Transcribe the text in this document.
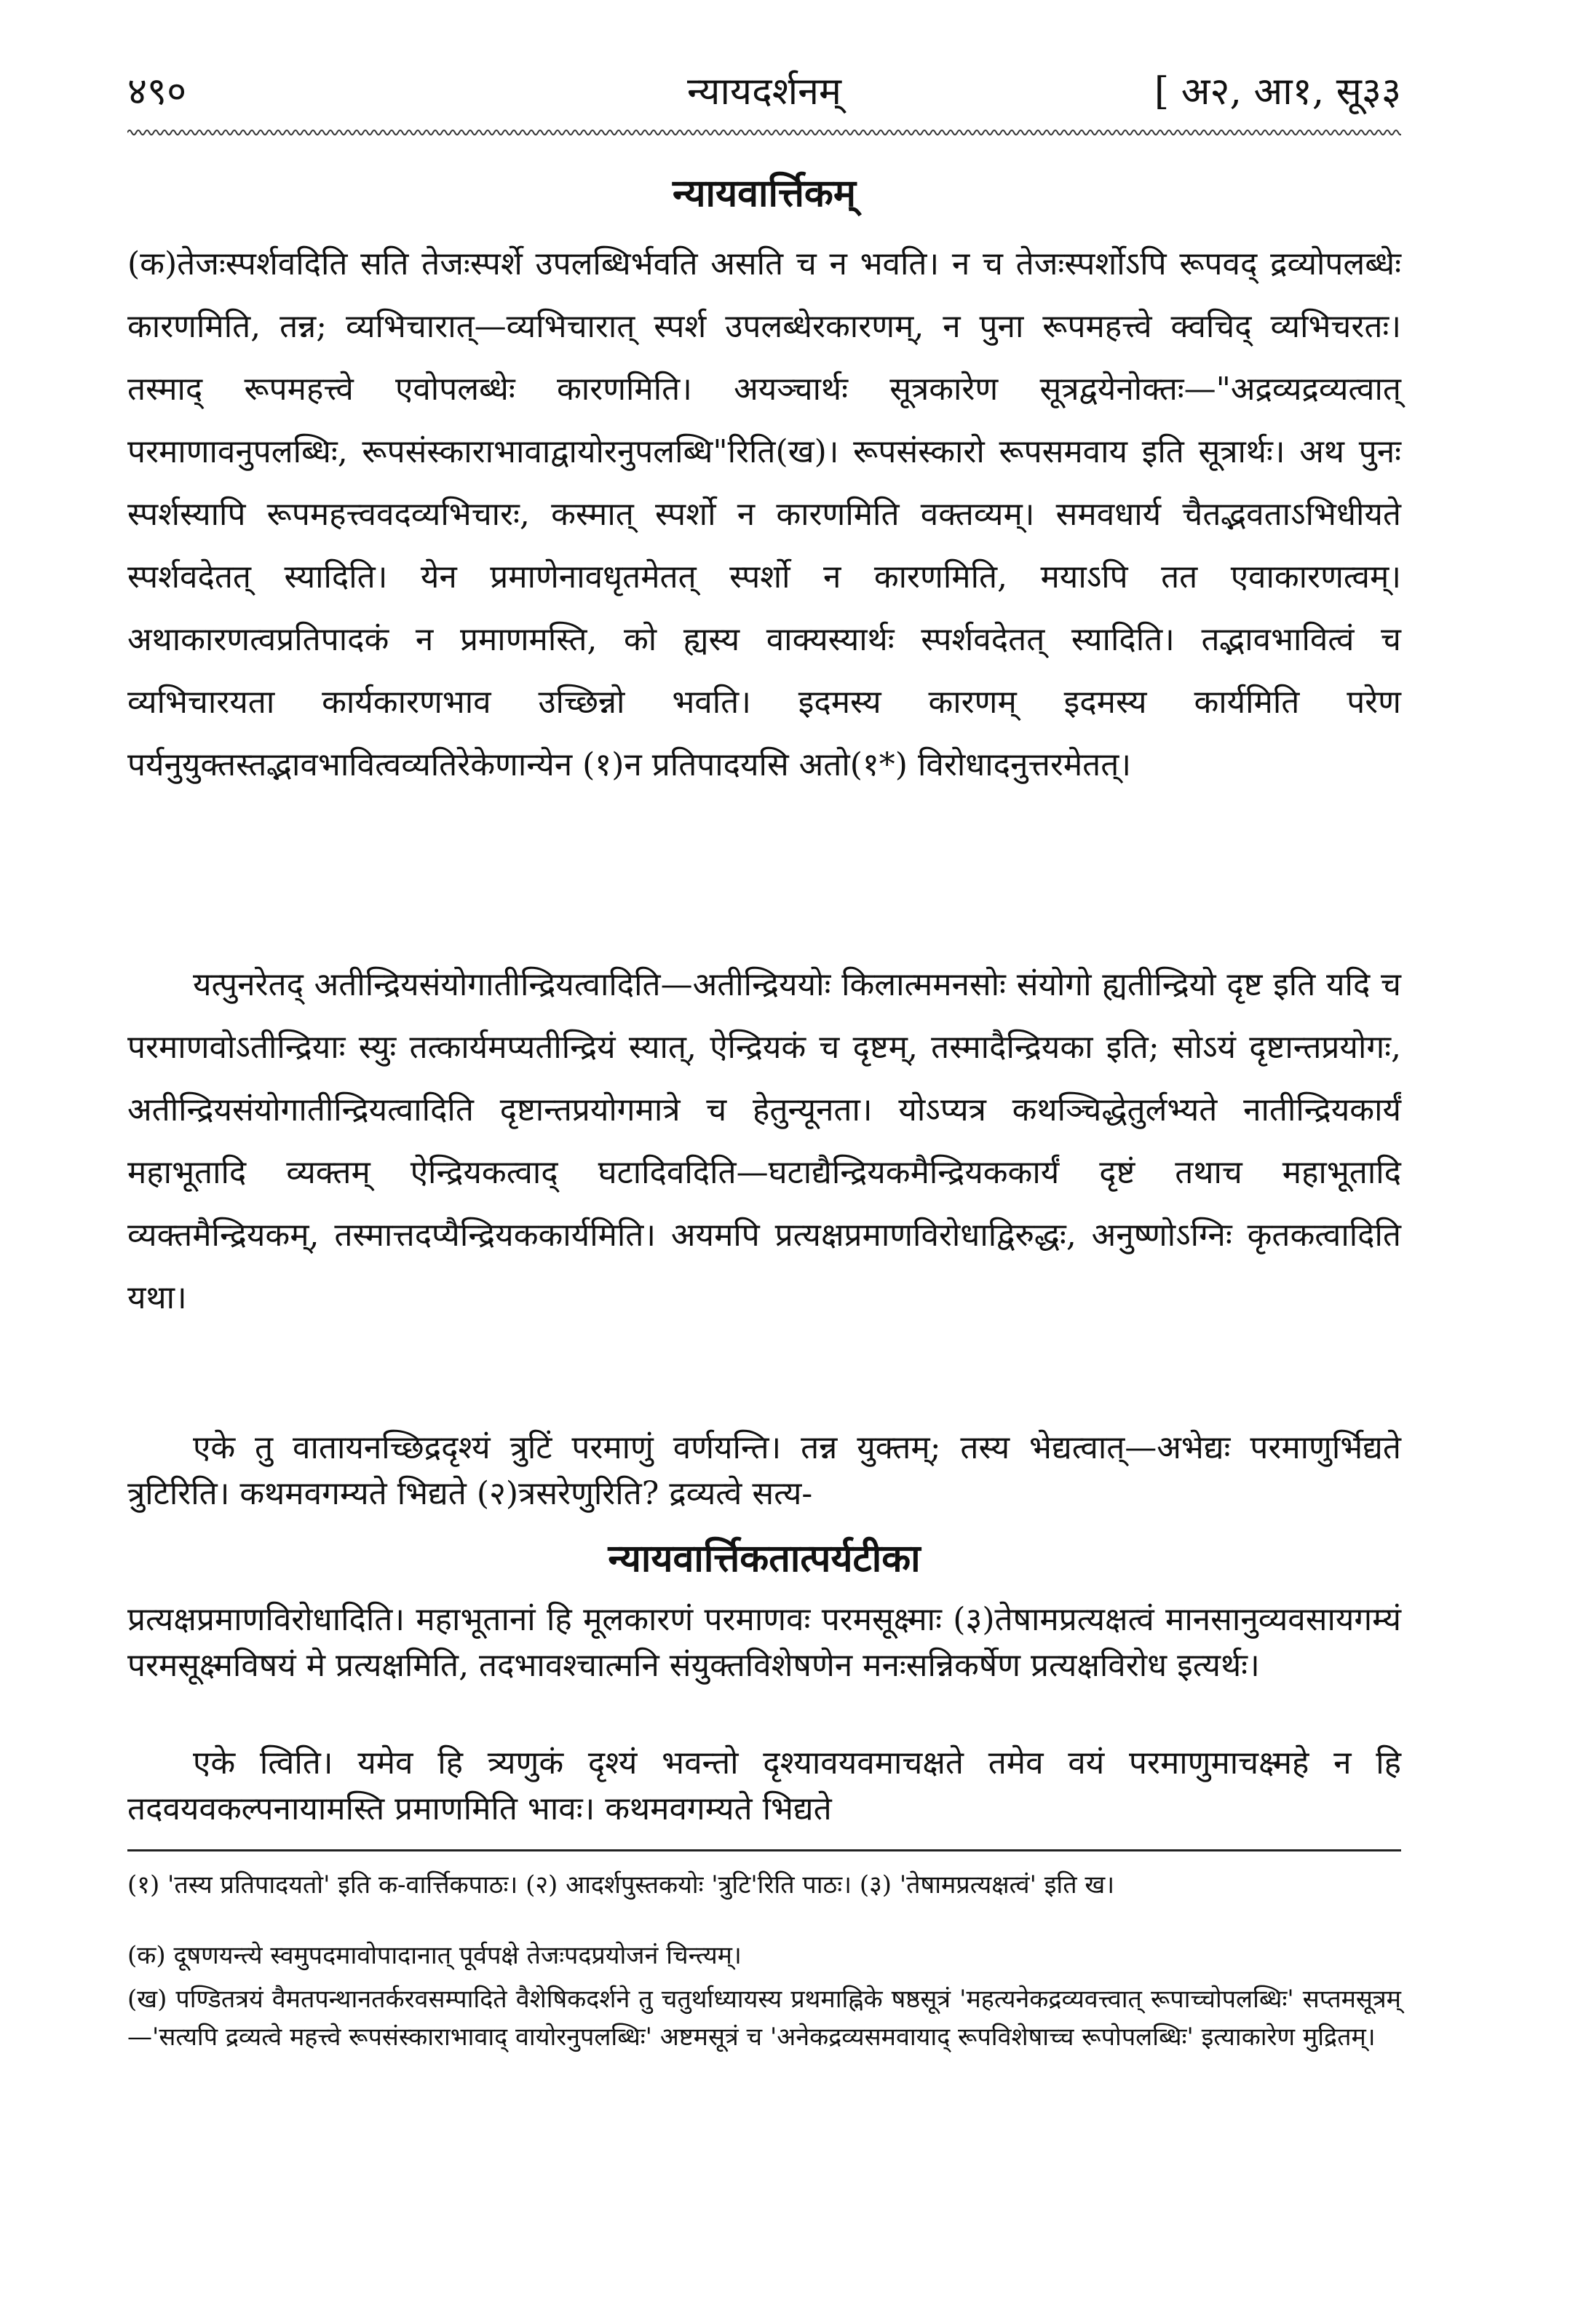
४९०	न्यायदर्शनम्	[ अ२, आ१, सू३३
न्यायवार्त्तिकम्

(क)तेजःस्पर्शवदिति सति तेजःस्पर्शे उपलब्धिर्भवति असति च न भवति। न च तेजःस्पर्शोऽपि रूपवद् द्रव्योपलब्धेः कारणमिति, तन्न; व्यभिचारात्—व्यभिचारात् स्पर्श उपलब्धेरकारणम्, न पुना रूपमहत्त्वे क्वचिद् व्यभिचरतः। तस्माद् रूपमहत्त्वे एवोपलब्धेः कारणमिति। अयञ्चार्थः सूत्रकारेण सूत्रद्वयेनोक्तः—"अद्रव्यद्रव्यत्वात् परमाणावनुपलब्धिः, रूपसंस्काराभावाद्वायोरनुपलब्धि"रिति(ख)। रूपसंस्कारो रूपसमवाय इति सूत्रार्थः। अथ पुनः स्पर्शस्यापि रूपमहत्त्ववदव्यभिचारः, कस्मात् स्पर्शो न कारणमिति वक्तव्यम्। समवधार्य चैतद्भवताऽभिधीयते स्पर्शवदेतत् स्यादिति। येन प्रमाणेनावधृतमेतत् स्पर्शो न कारणमिति, मयाऽपि तत एवाकारणत्वम्। अथाकारणत्वप्रतिपादकं न प्रमाणमस्ति, को ह्यस्य वाक्यस्यार्थः स्पर्शवदेतत् स्यादिति। तद्भावभावित्वं च व्यभिचारयता कार्यकारणभाव उच्छिन्नो भवति। इदमस्य कारणम् इदमस्य कार्यमिति परेण पर्यनुयुक्तस्तद्भावभावित्वव्यतिरेकेणान्येन (१)न प्रतिपादयसि अतो(१*) विरोधादनुत्तरमेतत्।

यत्पुनरेतद् अतीन्द्रियसंयोगातीन्द्रियत्वादिति—अतीन्द्रिययोः किलात्ममनसोः संयोगो ह्यतीन्द्रियो दृष्ट इति यदि च परमाणवोऽतीन्द्रियाः स्युः तत्कार्यमप्यतीन्द्रियं स्यात्, ऐन्द्रियकं च दृष्टम्, तस्मादैन्द्रियका इति; सोऽयं दृष्टान्तप्रयोगः, अतीन्द्रियसंयोगातीन्द्रियत्वादिति दृष्टान्तप्रयोगमात्रे च हेतुन्यूनता। योऽप्यत्र कथञ्चिद्धेतुर्लभ्यते नातीन्द्रियकार्यं महाभूतादि व्यक्तम् ऐन्द्रियकत्वाद् घटादिवदिति—घटाद्यैन्द्रियकमैन्द्रियककार्यं दृष्टं तथाच महाभूतादि व्यक्तमैन्द्रियकम्, तस्मात्तदप्यैन्द्रियककार्यमिति। अयमपि प्रत्यक्षप्रमाणविरोधाद्विरुद्धः, अनुष्णोऽग्निः कृतकत्वादिति यथा।

एके तु वातायनच्छिद्रदृश्यं त्रुटिं परमाणुं वर्णयन्ति। तन्न युक्तम्; तस्य भेद्यत्वात्—अभेद्यः परमाणुर्भिद्यते त्रुटिरिति। कथमवगम्यते भिद्यते (२)त्रसरेणुरिति? द्रव्यत्वे सत्य-

न्यायवार्त्तिकतात्पर्यटीका

प्रत्यक्षप्रमाणविरोधादिति। महाभूतानां हि मूलकारणं परमाणवः परमसूक्ष्माः (३)तेषामप्रत्यक्षत्वं मानसानुव्यवसायगम्यं परमसूक्ष्मविषयं मे प्रत्यक्षमिति, तदभावश्चात्मनि संयुक्तविशेषणेन मनःसन्निकर्षेण प्रत्यक्षविरोध इत्यर्थः।

एके त्विति। यमेव हि त्र्यणुकं दृश्यं भवन्तो दृश्यावयवमाचक्षते तमेव वयं परमाणुमाचक्ष्महे न हि तदवयवकल्पनायामस्ति प्रमाणमिति भावः। कथमवगम्यते भिद्यते

(१) 'तस्य प्रतिपादयतो' इति क-वार्त्तिकपाठः। (२) आदर्शपुस्तकयोः 'त्रुटि'रिति पाठः। (३) 'तेषामप्रत्यक्षत्वं' इति ख।
(क) दूषणयन्त्ये स्वमुपदमावोपादानात् पूर्वपक्षे तेजःपदप्रयोजनं चिन्त्यम्।
(ख) पण्डितत्रयं वैमतपन्थानतर्करवसम्पादिते वैशेषिकदर्शने तु चतुर्थाध्यायस्य प्रथमाह्निके षष्ठसूत्रं 'महत्यनेकद्रव्यवत्त्वात् रूपाच्चोपलब्धिः' सप्तमसूत्रम्—'सत्यपि द्रव्यत्वे महत्त्वे रूपसंस्काराभावाद् वायोरनुपलब्धिः' अष्टमसूत्रं च 'अनेकद्रव्यसमवायाद् रूपविशेषाच्च रूपोपलब्धिः' इत्याकारेण मुद्रितम्।
